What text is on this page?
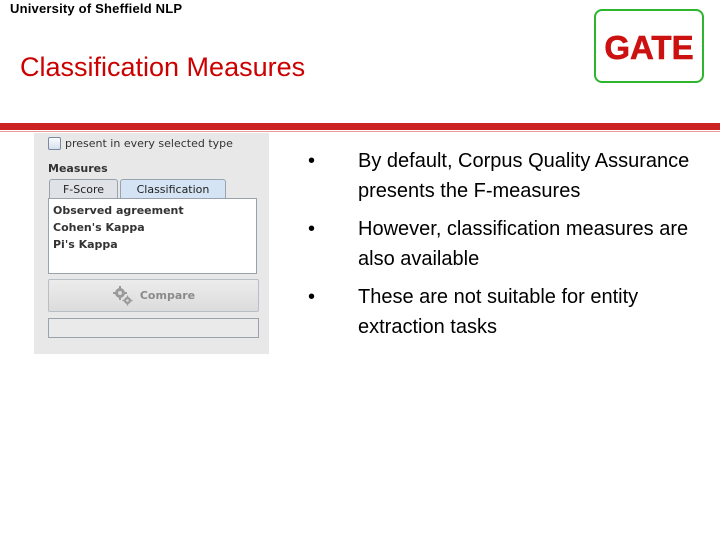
University of Sheffield NLP
Classification Measures
GATE
present in every selected type
Measures
F-Score	Classification
Observed agreement
Cohen's Kappa
Pi's Kappa
Compare
• By default, Corpus Quality Assurance presents the F-measures
• However, classification measures are also available
• These are not suitable for entity extraction tasks
